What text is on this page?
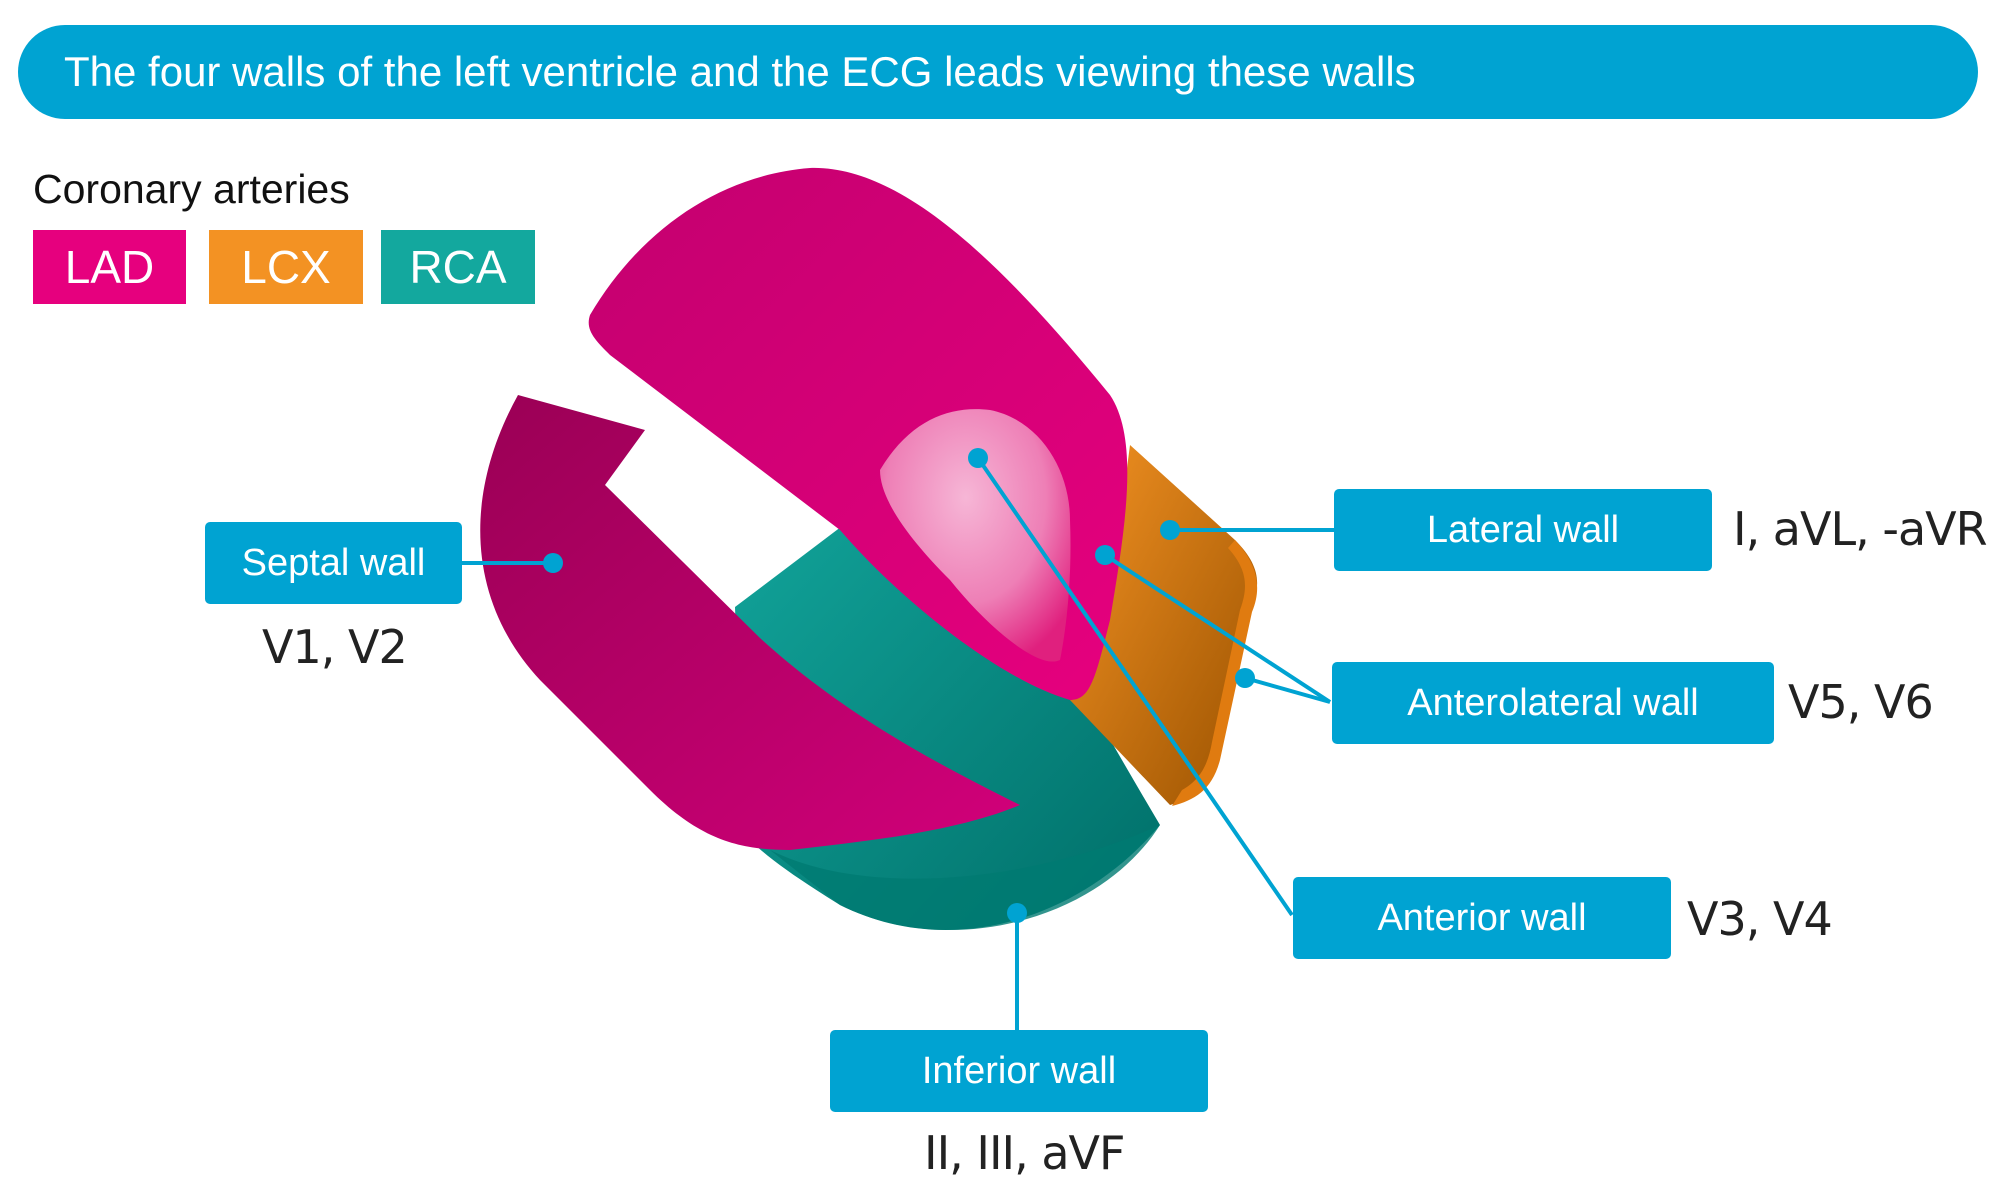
The four walls of the left ventricle and the ECG leads viewing these walls
Coronary arteries
LAD	LCX	RCA
Septal wall
V1, V2
Lateral wall	I, aVL, -aVR
Anterolateral wall	V5, V6
Anterior wall	V3, V4
Inferior wall
II, III, aVF
